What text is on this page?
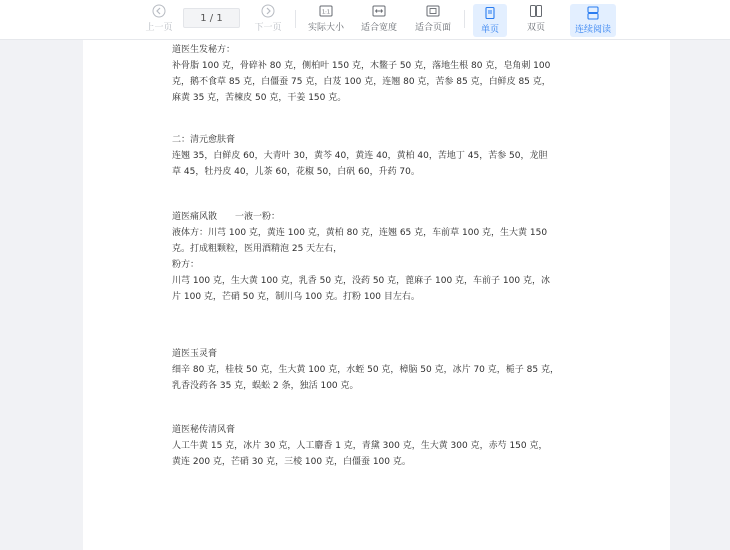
上一页
1 / 1
下一页
1:1
实际大小 适合宽度 适合页面	单页	双页	连续阅读

道医生发秘方：

补骨脂 100 克，骨碎补 80 克，侧柏叶 150 克，木鳖子 50 克，落地生根 80 克，皂角刺 100

克，鹅不食草 85 克，白僵蚕 75 克，白芨 100 克，连翘 80 克，苦参 85 克，白鲜皮 85 克，

麻黄 35 克，苦楝皮 50 克，干姜 150 克。

二：清元愈肤膏

连翘 35，白鲜皮 60，大青叶 30，黄芩 40，黄连 40，黄柏 40，苦地丁 45，苦参 50，龙胆

草 45，牡丹皮 40，儿茶 60，花椒 50，白矾 60，升药 70。

道医痛风散　　一液一粉：

液体方：川芎 100 克，黄连 100 克，黄柏 80 克，连翘 65 克，车前草 100 克，生大黄 150

克。打成粗颗粒，医用酒精泡 25 天左右，

粉方：

川芎 100 克，生大黄 100 克，乳香 50 克，没药 50 克，蓖麻子 100 克，车前子 100 克，冰

片 100 克，芒硝 50 克，制川乌 100 克。打粉 100 目左右。

道医玉灵膏

细辛 80 克，桂枝 50 克，生大黄 100 克，水蛭 50 克，樟脑 50 克，冰片 70 克，栀子 85 克，

乳香没药各 35 克，蜈蚣 2 条，独活 100 克。

道医秘传清风膏

人工牛黄 15 克，冰片 30 克，人工麝香 1 克，青黛 300 克，生大黄 300 克，赤芍 150 克，

黄连 200 克，芒硝 30 克，三棱 100 克，白僵蚕 100 克。
